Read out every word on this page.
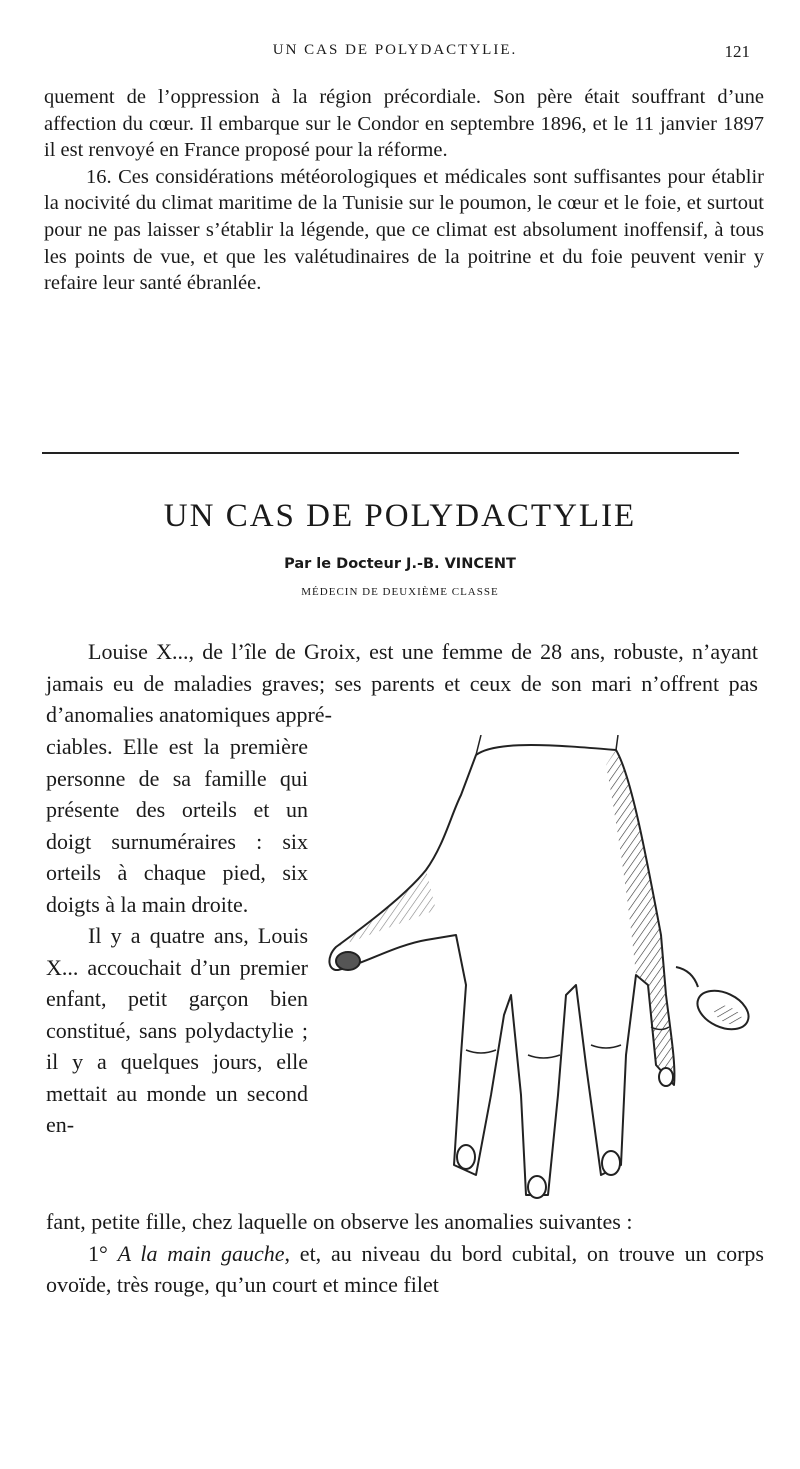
UN CAS DE POLYDACTYLIE.	121

quement de l’oppression à la région précordiale. Son père était souffrant d’une affection du cœur. Il embarque sur le Condor en septembre 1896, et le 11 janvier 1897 il est renvoyé en France proposé pour la réforme.

16. Ces considérations météorologiques et médicales sont suffisantes pour établir la nocivité du climat maritime de la Tunisie sur le poumon, le cœur et le foie, et surtout pour ne pas laisser s’établir la légende, que ce climat est absolument inoffensif, à tous les points de vue, et que les valétudinaires de la poitrine et du foie peuvent venir y refaire leur santé ébranlée.

UN CAS DE POLYDACTYLIE
Par le Docteur J.-B. VINCENT
MÉDECIN DE DEUXIÈME CLASSE

Louise X..., de l’île de Groix, est une femme de 28 ans, robuste, n’ayant jamais eu de maladies graves; ses parents et ceux de son mari n’offrent pas d’anomalies anatomiques appré-

ciables. Elle est la première personne de sa famille qui présente des orteils et un doigt surnuméraires : six orteils à chaque pied, six doigts à la main droite.

Il y a quatre ans, Louis X... accouchait d’un premier enfant, petit garçon bien constitué, sans polydactylie ; il y a quelques jours, elle mettait au monde un second en-

fant, petite fille, chez laquelle on observe les anomalies suivantes :

1° A la main gauche, et, au niveau du bord cubital, on trouve un corps ovoïde, très rouge, qu’un court et mince filet
